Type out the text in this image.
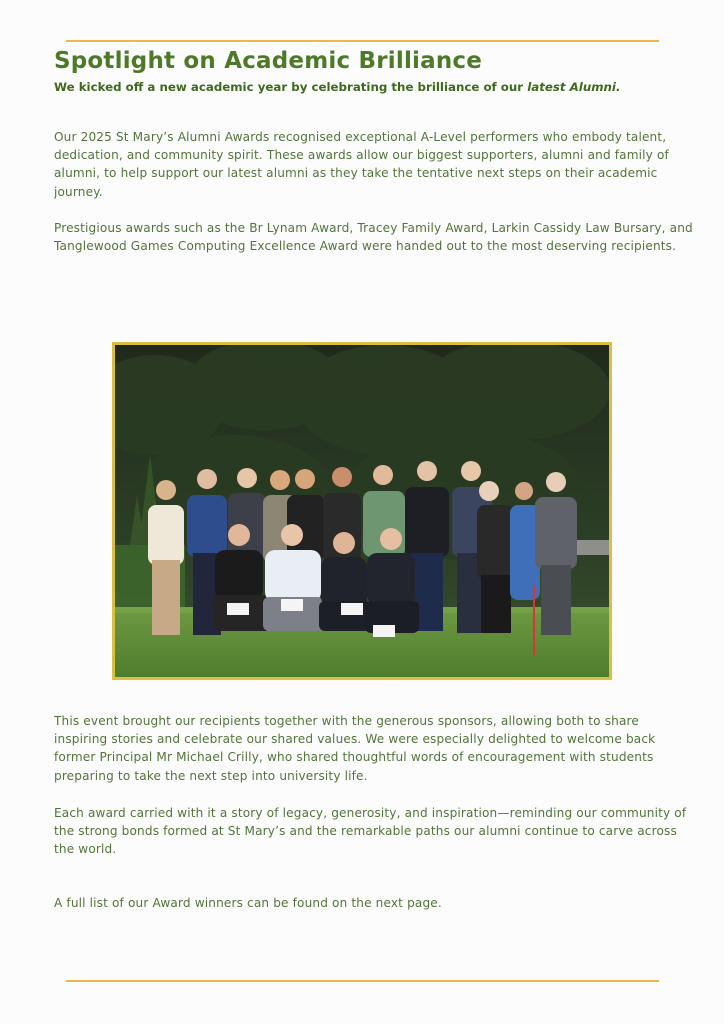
Spotlight on Academic Brilliance

We kicked off a new academic year by celebrating the brilliance of our latest Alumni.

Our 2025 St Mary’s Alumni Awards recognised exceptional A-Level performers who embody talent, dedication, and community spirit. These awards allow our biggest supporters, alumni and family of alumni, to help support our latest alumni as they take the tentative next steps on their academic journey.

Prestigious awards such as the Br Lynam Award, Tracey Family Award, Larkin Cassidy Law Bursary, and Tanglewood Games Computing Excellence Award were handed out to the most deserving recipients.

This event brought our recipients together with the generous sponsors, allowing both to share inspiring stories and celebrate our shared values. We were especially delighted to welcome back former Principal Mr Michael Crilly, who shared thoughtful words of encouragement with students preparing to take the next step into university life.

Each award carried with it a story of legacy, generosity, and inspiration—reminding our community of the strong bonds formed at St Mary’s and the remarkable paths our alumni continue to carve across the world.

A full list of our Award winners can be found on the next page.
